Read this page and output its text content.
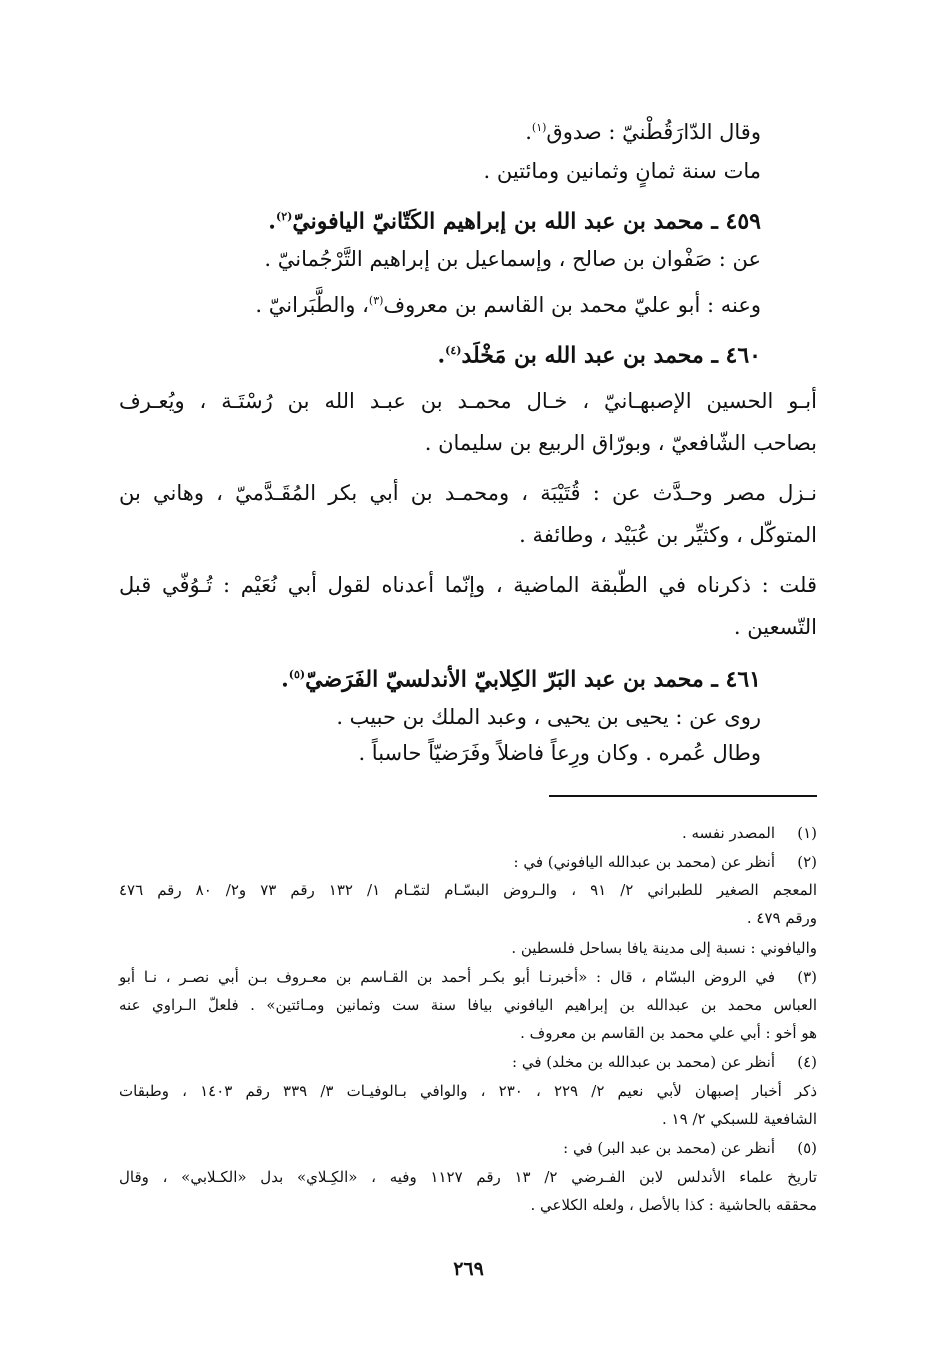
وقال الدّارَقُطْنيّ : صدوق$^{(١)}$.
مات سنة ثمانٍ وثمانين ومائتين .
٤٥٩ ـ محمد بن عبد الله بن إبراهيم الكَتّانيّ اليافونيّ$^{(٢)}$.
عن : صَفْوان بن صالح ، وإسماعيل بن إبراهيم التَّرْجُمانيّ .
وعنه : أبو عليّ محمد بن القاسم بن معروف$^{(٣)}$، والطَّبَرانيّ .
٤٦٠ ـ محمد بن عبد الله بن مَخْلَد$^{(٤)}$.
أبـو الحسين الإصبهـانيّ ، خـال محمـد بن عبـد الله بن رُسْتَـة ، ويُعـرف
بصاحب الشّافعيّ ، وبورّاق الربيع بن سليمان .
نـزل مصر وحـدَّث عن : قُتَيْبَة ، ومحمـد بن أبي بكر المُقَـدَّميّ ، وهاني بن
المتوكّل ، وكثيِّر بن عُبَيْد ، وطائفة .
قلت : ذكرناه في الطّبقة الماضية ، وإنّما أعدناه لقول أبي نُعَيْم : تُـوُفّي قبل
التّسعين .
٤٦١ ـ محمد بن عبد البَرّ الكِلابيّ الأندلسيّ الفَرَضيّ$^{(٥)}$.
روى عن : يحيى بن يحيى ، وعبد الملك بن حبيب .
وطال عُمره . وكان ورِعاً فاضلاً وفَرَضيّاً حاسباً .
(١)
المصدر نفسه .
(٢)
أنظر عن (محمد بن عبدالله اليافوني) في :
المعجم الصغير للطبراني ٢/ ٩١ ، والـروض البسّـام لتمّـام ١/ ١٣٢ رقم ٧٣ و٢/ ٨٠ رقم ٤٧٦
ورقم ٤٧٩ .
واليافوني : نسبة إلى مدينة يافا بساحل فلسطين .
(٣)
في الروض البسّام ، قال : «أخبرنـا أبو بكـر أحمد بن القـاسم بن معـروف بـن أبي نصـر ، نـا أبو
العباس محمد بن عبدالله بن إبراهيم اليافوني بيافا سنة ست وثمانين ومـائتين» . فلعلّ الـراوي عنه
هو أخو : أبي علي محمد بن القاسم بن معروف .
(٤)
أنظر عن (محمد بن عبدالله بن مخلد) في :
ذكر أخبار إصبهان لأبي نعيم ٢/ ٢٢٩ ، ٢٣٠ ، والوافي بـالوفيـات ٣/ ٣٣٩ رقم ١٤٠٣ ، وطبقات
الشافعية للسبكي ٢/ ١٩ .
(٥)
أنظر عن (محمد بن عبد البر) في :
تاريخ علماء الأندلس لابن الفـرضي ٢/ ١٣ رقم ١١٢٧ وفيه ، «الكِـلاي» بدل «الكـلابي» ، وقال
محققه بالحاشية : كذا بالأصل ، ولعله الكلاعي .
٢٦٩
